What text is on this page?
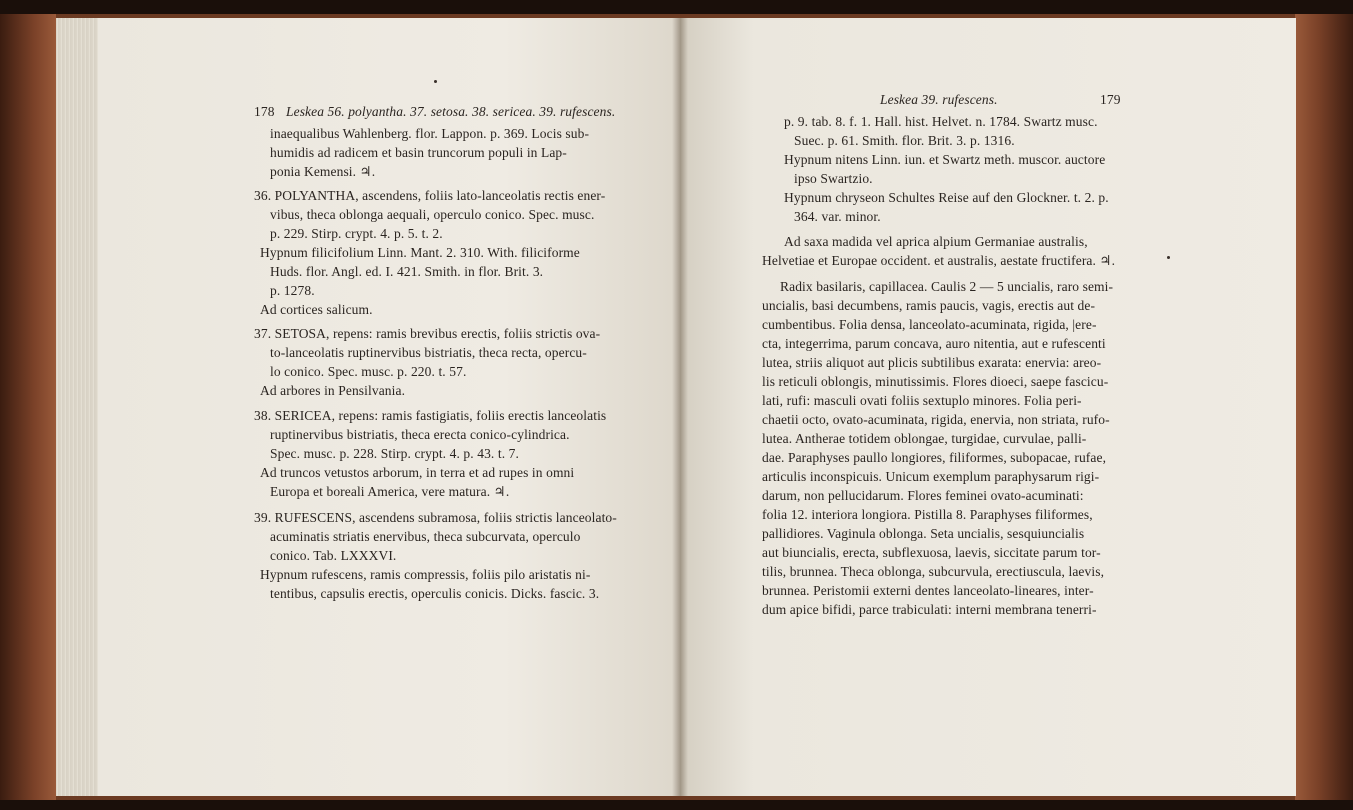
178 Leskea 56. polyantha. 37. setosa. 38. sericea. 39. rufescens.
inaequalibus Wahlenberg. flor. Lappon. p. 369. Locis sub-
humidis ad radicem et basin truncorum populi in Lap-
ponia Kemensi. ♃.
36. POLYANTHA, ascendens, foliis lato-lanceolatis rectis ener-
vibus, theca oblonga aequali, operculo conico. Spec. musc.
p. 229. Stirp. crypt. 4. p. 5. t. 2.
Hypnum filicifolium Linn. Mant. 2. 310. With. filiciforme
Huds. flor. Angl. ed. I. 421. Smith. in flor. Brit. 3.
p. 1278.
Ad cortices salicum.
37. SETOSA, repens: ramis brevibus erectis, foliis strictis ova-
to-lanceolatis ruptinervibus bistriatis, theca recta, opercu-
lo conico. Spec. musc. p. 220. t. 57.
Ad arbores in Pensilvania.
38. SERICEA, repens: ramis fastigiatis, foliis erectis lanceolatis
ruptinervibus bistriatis, theca erecta conico-cylindrica.
Spec. musc. p. 228. Stirp. crypt. 4. p. 43. t. 7.
Ad truncos vetustos arborum, in terra et ad rupes in omni
Europa et boreali America, vere matura. ♃.
39. RUFESCENS, ascendens subramosa, foliis strictis lanceolato-
acuminatis striatis enervibus, theca subcurvata, operculo
conico. Tab. LXXXVI.
Hypnum rufescens, ramis compressis, foliis pilo aristatis ni-
tentibus, capsulis erectis, operculis conicis. Dicks. fascic. 3.
Leskea 39. rufescens.	179
p. 9. tab. 8. f. 1. Hall. hist. Helvet. n. 1784. Swartz musc.
Suec. p. 61. Smith. flor. Brit. 3. p. 1316.
Hypnum nitens Linn. iun. et Swartz meth. muscor. auctore
ipso Swartzio.
Hypnum chryseon Schultes Reise auf den Glockner. t. 2. p.
364. var. minor.
Ad saxa madida vel aprica alpium Germaniae australis,
Helvetiae et Europae occident. et australis, aestate fructifera. ♃.
Radix basilaris, capillacea. Caulis 2 — 5 uncialis, raro semi-
uncialis, basi decumbens, ramis paucis, vagis, erectis aut de-
cumbentibus. Folia densa, lanceolato-acuminata, rigida, |ere-
cta, integerrima, parum concava, auro nitentia, aut e rufescenti
lutea, striis aliquot aut plicis subtilibus exarata: enervia: areo-
lis reticuli oblongis, minutissimis. Flores dioeci, saepe fascicu-
lati, rufi: masculi ovati foliis sextuplo minores. Folia peri-
chaetii octo, ovato-acuminata, rigida, enervia, non striata, rufo-
lutea. Antherae totidem oblongae, turgidae, curvulae, palli-
dae. Paraphyses paullo longiores, filiformes, subopacae, rufae,
articulis inconspicuis. Unicum exemplum paraphysarum rigi-
darum, non pellucidarum. Flores feminei ovato-acuminati:
folia 12. interiora longiora. Pistilla 8. Paraphyses filiformes,
pallidiores. Vaginula oblonga. Seta uncialis, sesquiuncialis
aut biuncialis, erecta, subflexuosa, laevis, siccitate parum tor-
tilis, brunnea. Theca oblonga, subcurvula, erectiuscula, laevis,
brunnea. Peristomii externi dentes lanceolato-lineares, inter-
dum apice bifidi, parce trabiculati: interni membrana tenerri-
